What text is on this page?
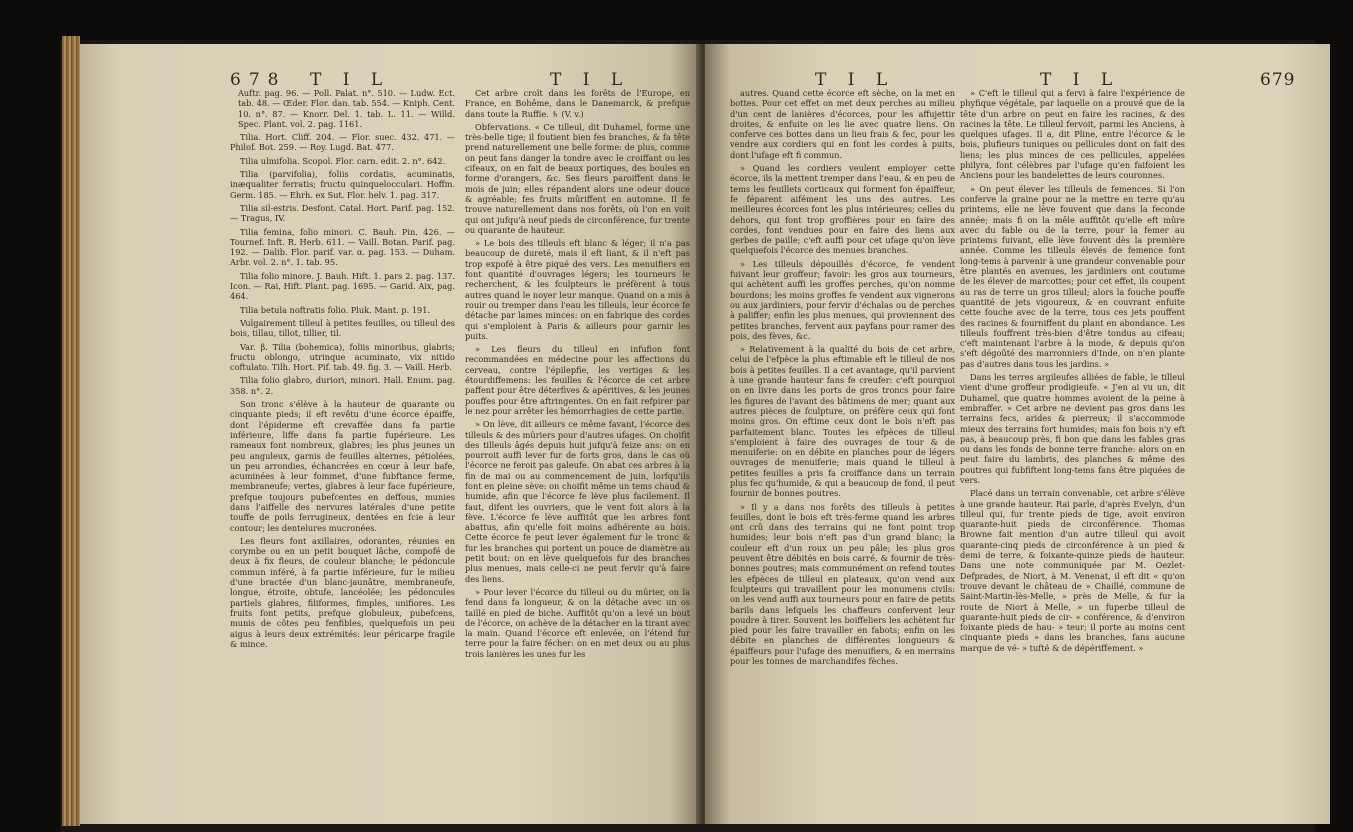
678 T I L	T I L

Auftr. pag. 96. — Poll. Palat. n°. 510. — Ludw. Ect. tab. 48. — Œder. Flor. dan. tab. 554. — Kniph. Cent. 10. n°. 87. — Knorr. Del. 1. tab. L. 11. — Willd. Spec. Plant. vol. 2. pag. 1161.

Tilia. Hort. Cliff. 204. — Flor. suec. 432. 471. — Philof. Bot. 259. — Roy. Lugd. Bat. 477.

Tilia ulmifolia. Scopol. Flor. carn. edit. 2. n°. 642.

Tilia (parvifolia), foliis cordatis, acuminatis, inæqualiter ferratis; fructu quinquelocculari. Hoffm. Germ. 185. — Ehrh. ex Sut. Flor. helv. 1. pag. 317.

Tilia sil-estris. Desfont. Catal. Hort. Parif. pag. 152. — Tragus, IV.

Tilia femina, folio minori. C. Bauh. Pin. 426. — Tournef. Inft. R. Herb. 611. — Vaill. Botan. Parif. pag. 192. — Dalib. Flor. parif. var. α. pag. 153. — Duham. Arbr. vol. 2. n°. 1. tab. 95.

Tilia folio minore. J. Bauh. Hift. 1. pars 2. pag. 137. Icon. — Rai, Hift. Plant. pag. 1695. — Garid. Aix, pag. 464.

Tilia betula noftratis folio. Pluk. Mant. p. 191.

Vulgairement tilleul à petites feuilles, ou tilleul des bois, tillau, tillot, tillier, til.

Var. β. Tilia (bohemica), foliis minoribus, glabris; fructu oblongo, utrinque acuminato, vix nitido coftulato. Tilh. Hort. Pif. tab. 49. fig. 3. — Vaill. Herb.

Tilia folio glabro, duriori, minori. Hall. Enum. pag. 358. n°. 2.

Son tronc s'élève à la hauteur de quarante ou cinquante pieds; il eft revêtu d'une écorce épaiffe, dont l'épiderme eft crevaffée dans fa partie inférieure, liffe dans fa partie fupérieure. Les rameaux font nombreux, glabres; les plus jeunes un peu anguleux, garnis de feuilles alternes, pétiolées, un peu arrondies, échancrées en cœur à leur bafe, acuminées à leur fommet, d'une fubftance ferme, membraneufe; vertes, glabres à leur face fupérieure, prefque toujours pubefcentes en deffous, munies dans l'aiffelle des nervures latérales d'une petite touffe de poils ferrugineux, dentées en fcie à leur contour; les dentelures mucronées.

Les fleurs font axillaires, odorantes, réunies en corymbe ou en un petit bouquet lâche, compofé de deux à fix fleurs, de couleur blanche; le pédoncule commun inféré, à fa partie inférieure, fur le milieu d'une bractée d'un blanc-jaunâtre, membraneufe, longue, étroite, obtufe, lancéolée; les pédoncules partiels glabres, filiformes, fimples, unifiores. Les fruits font petits, prefque globuleux, pubefcens, munis de côtes peu fenfibles, quelquefois un peu aigus à leurs deux extrémités: leur péricarpe fragile & mince.

Cet arbre croît dans les forêts de l'Europe, en France, en Bohême, dans le Danemarck, & prefque dans toute la Ruffie. ♄ (V. v.)

Obfervations. « Ce tilleul, dit Duhamel, forme une très-belle tige; il foutient bien fes branches, & fa tête prend naturellement une belle forme: de plus, comme on peut fans danger la tondre avec le croiffant ou les cifeaux, on en fait de beaux portiques, des boules en forme d'orangers, &c. Ses fleurs paroiffent dans le mois de juin; elles répandent alors une odeur douce & agréable; fes fruits mûriffent en automne. Il fe trouve naturellement dans nos forêts, où l'on en voit qui ont jufqu'à neuf pieds de circonférence, fur trente ou quarante de hauteur.

» Le bois des tilleuls eft blanc & léger; il n'a pas beaucoup de dureté, mais il eft liant, & il n'eft pas trop expofé à être piqué des vers. Les menuifiers en font quantité d'ouvrages légers; les tourneurs le recherchent, & les fculpteurs le préfèrent à tous autres quand le noyer leur manque. Quand on a mis à rouir ou tremper dans l'eau les tilleuls, leur écorce fe détache par lames minces: on en fabrique des cordes qui s'emploient à Paris & ailleurs pour garnir les puits.

» Les fleurs du tilleul en infufion font recommandées en médecine pour les affections du cerveau, contre l'épilepfie, les vertiges & les étourdiffemens: les feuilles & l'écorce de cet arbre paffent pour être déterfives & apéritives, & les jeunes pouffes pour être aftringentes. On en fait refpirer par le nez pour arrêter les hémorrhagies de cette partie.

» On lève, dit ailleurs ce même favant, l'écorce des tilleuls & des mûriers pour d'autres ufages. On choifit des tilleuls âgés depuis huit jufqu'à feize ans: on en pourroit auffi lever fur de forts gros, dans le cas où l'écorce ne feroit pas galeufe. On abat ces arbres à la fin de mai ou au commencement de juin, lorfqu'ils font en pleine sève: on choifit même un tems chaud & humide, afin que l'écorce fe lève plus facilement. Il faut, difent les ouvriers, que le vent foit alors à la fève. L'écorce fe lève auffitôt que les arbres font abattus, afin qu'elle foit moins adhérente au bois. Cette écorce fe peut lever également fur le tronc & fur les branches qui portent un pouce de diamètre au petit bout: on en lève quelquefois fur des branches plus menues, mais celle-ci ne peut fervir qu'à faire des liens.

» Pour lever l'écorce du tilleul ou du mûrier, on la fend dans fa longueur, & on la détache avec un os taillé en pied de biche. Auffitôt qu'on a levé un bout de l'écorce, on achève de la détacher en la tirant avec la main. Quand l'écorce eft enlevée, on l'étend fur terre pour la faire fécher: on en met deux ou au plus trois lanières les unes fur les

T I L	T I L	679

autres. Quand cette écorce eft sèche, on la met en bottes. Pour cet effet on met deux perches au milieu d'un cent de lanières d'écorces, pour les affujettir droites, & enfuite on les lie avec quatre liens. On conferve ces bottes dans un lieu frais & fec, pour les vendre aux cordiers qui en font les cordes à puits, dont l'ufage eft fi commun.

» Quand les cordiers veulent employer cette écorce, ils la mettent tremper dans l'eau, & en peu de tems les feuillets corticaux qui forment fon épaiffeur, fe féparent aifément les uns des autres. Les meilleures écorces font les plus intérieures; celles du dehors, qui font trop groffières pour en faire des cordes, font vendues pour en faire des liens aux gerbes de paille; c'eft auffi pour cet ufage qu'on lève quelquefois l'écorce des menues branches.

» Les tilleuls dépouillés d'écorce, fe vendent fuivant leur groffeur; favoir: les gros aux tourneurs, qui achètent auffi les groffes perches, qu'on nomme bourdons; les moins groffes fe vendent aux vignerons ou aux jardiniers, pour fervir d'échalas ou de perches à paliffer; enfin les plus menues, qui proviennent des petites branches, fervent aux payfans pour ramer des pois, des fèves, &c.

» Relativement à la qualité du bois de cet arbre, celui de l'efpèce la plus eftimable eft le tilleul de nos bois à petites feuilles. Il a cet avantage, qu'il parvient à une grande hauteur fans fe creufer: c'eft pourquoi on en livre dans les ports de gros troncs pour faire les figures de l'avant des bâtimens de mer; quant aux autres pièces de fculpture, on préfère ceux qui font moins gros. On eftime ceux dont le bois n'eft pas parfaitement blanc. Toutes les efpèces de tilleul s'emploient à faire des ouvrages de tour & de menuiferie: on en débite en planches pour de légers ouvrages de menuiferie; mais quand le tilleul à petites feuilles a pris fa croiffance dans un terrain plus fec qu'humide, & qui a beaucoup de fond, il peut fournir de bonnes poutres.

» Il y a dans nos forêts des tilleuls à petites feuilles, dont le bois eft très-ferme quand les arbres ont crû dans des terrains qui ne font point trop humides; leur bois n'eft pas d'un grand blanc; la couleur eft d'un roux un peu pâle; les plus gros peuvent être débités en bois carré, & fournir de très-bonnes poutres; mais communément on refend toutes les efpèces de tilleul en plateaux, qu'on vend aux fculpteurs qui travaillent pour les monumens civils: on les vend auffi aux tourneurs pour en faire de petits barils dans lefquels les chaffeurs confervent leur poudre à tirer. Souvent les boiffeliers les achètent fur pied pour les faire travailler en fabots; enfin on les débite en planches de différentes longueurs & épaiffeurs pour l'ufage des menuifiers, & en merrains pour les tonnes de marchandifes fèches.

» C'eft le tilleul qui a fervi à faire l'expérience de phyfique végétale, par laquelle on a prouvé que de la tête d'un arbre on peut en faire les racines, & des racines la tête. Le tilleul fervoit, parmi les Anciens, à quelques ufages. Il a, dit Pline, entre l'écorce & le bois, plufieurs tuniques ou pellicules dont on fait des liens; les plus minces de ces pellicules, appelées philyra, font célèbres par l'ufage qu'en faifoient les Anciens pour les bandelettes de leurs couronnes.

» On peut élever les tilleuls de femences. Si l'on conferve la graine pour ne la mettre en terre qu'au printems, elle ne lève fouvent que dans la feconde année; mais fi on la mêle auffitôt qu'elle eft mûre avec du fable ou de la terre, pour la femer au printems fuivant, elle lève fouvent dès la première année. Comme les tilleuls élevés de femence font long-tems à parvenir à une grandeur convenable pour être plantés en avenues, les jardiniers ont coutume de les élever de marcottes; pour cet effet, ils coupent au ras de terre un gros tilleul; alors la fouche pouffe quantité de jets vigoureux, & en couvrant enfuite cette fouche avec de la terre, tous ces jets pouffent des racines & fourniffent du plant en abondance. Les tilleuls fouffrent très-bien d'être tondus au cifeau; c'eft maintenant l'arbre à la mode, & depuis qu'on s'eft dégoûté des marronniers d'Inde, on n'en plante pas d'autres dans tous les jardins. »

Dans les terres argileufes alliées de fable, le tilleul vient d'une groffeur prodigieufe. « J'en ai vu un, dit Duhamel, que quatre hommes avoient de la peine à embraffer. » Cet arbre ne devient pas gros dans les terrains fecs, arides & pierreux; il s'accommode mieux des terrains fort humides; mais fon bois n'y eft pas, à beaucoup près, fi bon que dans les fables gras ou dans les fonds de bonne terre franche: alors on en peut faire du lambris, des planches & même des poutres qui fubfiftent long-tems fans être piquées de vers.

Placé dans un terrain convenable, cet arbre s'élève à une grande hauteur. Rai parle, d'après Evelyn, d'un tilleul qui, fur trente pieds de tige, avoit environ quarante-huit pieds de circonférence. Thomas Browne fait mention d'un autre tilleul qui avoit quarante-cinq pieds de circonférence à un pied & demi de terre, & foixante-quinze pieds de hauteur. Dans une note communiquée par M. Oezlet-Defprades, de Niort, à M. Venenat, il eft dit « qu'on trouve devant le château de » Chaillé, commune de Saint-Martin-lès-Melle, » près de Melle, & fur la route de Niort à Melle, » un fuperbe tilleul de quarante-huit pieds de cir- » conférence, & d'environ foixante pieds de hau- » teur; il porte au moins cent cinquante pieds » dans les branches, fans aucune marque de vé- » tufté & de dépériffement. »
